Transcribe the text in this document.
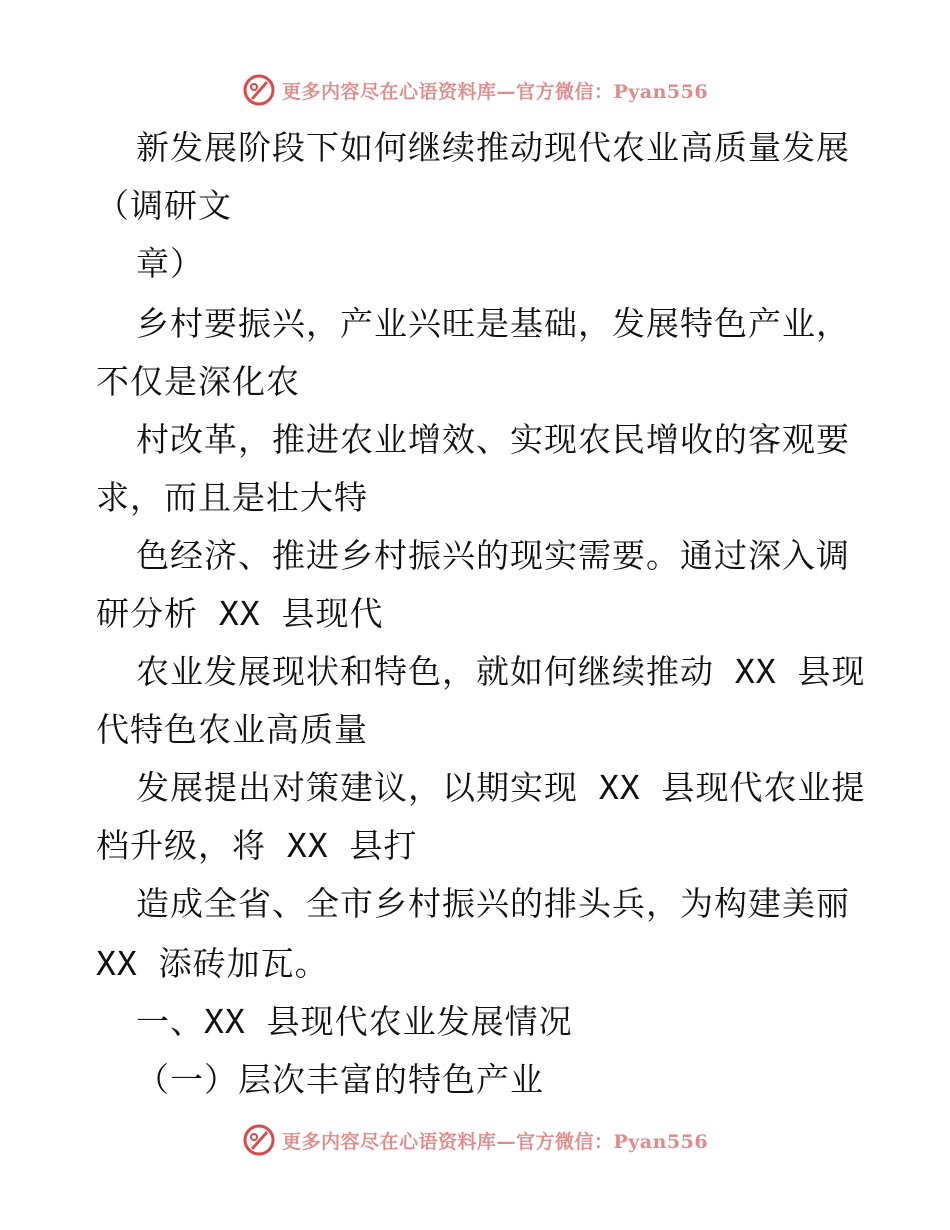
更多内容尽在心语资料库—官方微信：Pyan556
新发展阶段下如何继续推动现代农业高质量发展
（调研文
章）
乡村要振兴，产业兴旺是基础，发展特色产业，
不仅是深化农
村改革，推进农业增效、实现农民增收的客观要
求，而且是壮大特
色经济、推进乡村振兴的现实需要。通过深入调
研分析 XX 县现代
农业发展现状和特色，就如何继续推动 XX 县现
代特色农业高质量
发展提出对策建议，以期实现 XX 县现代农业提
档升级，将 XX 县打
造成全省、全市乡村振兴的排头兵，为构建美丽
XX 添砖加瓦。
一、XX 县现代农业发展情况
（一）层次丰富的特色产业
更多内容尽在心语资料库—官方微信：Pyan556
